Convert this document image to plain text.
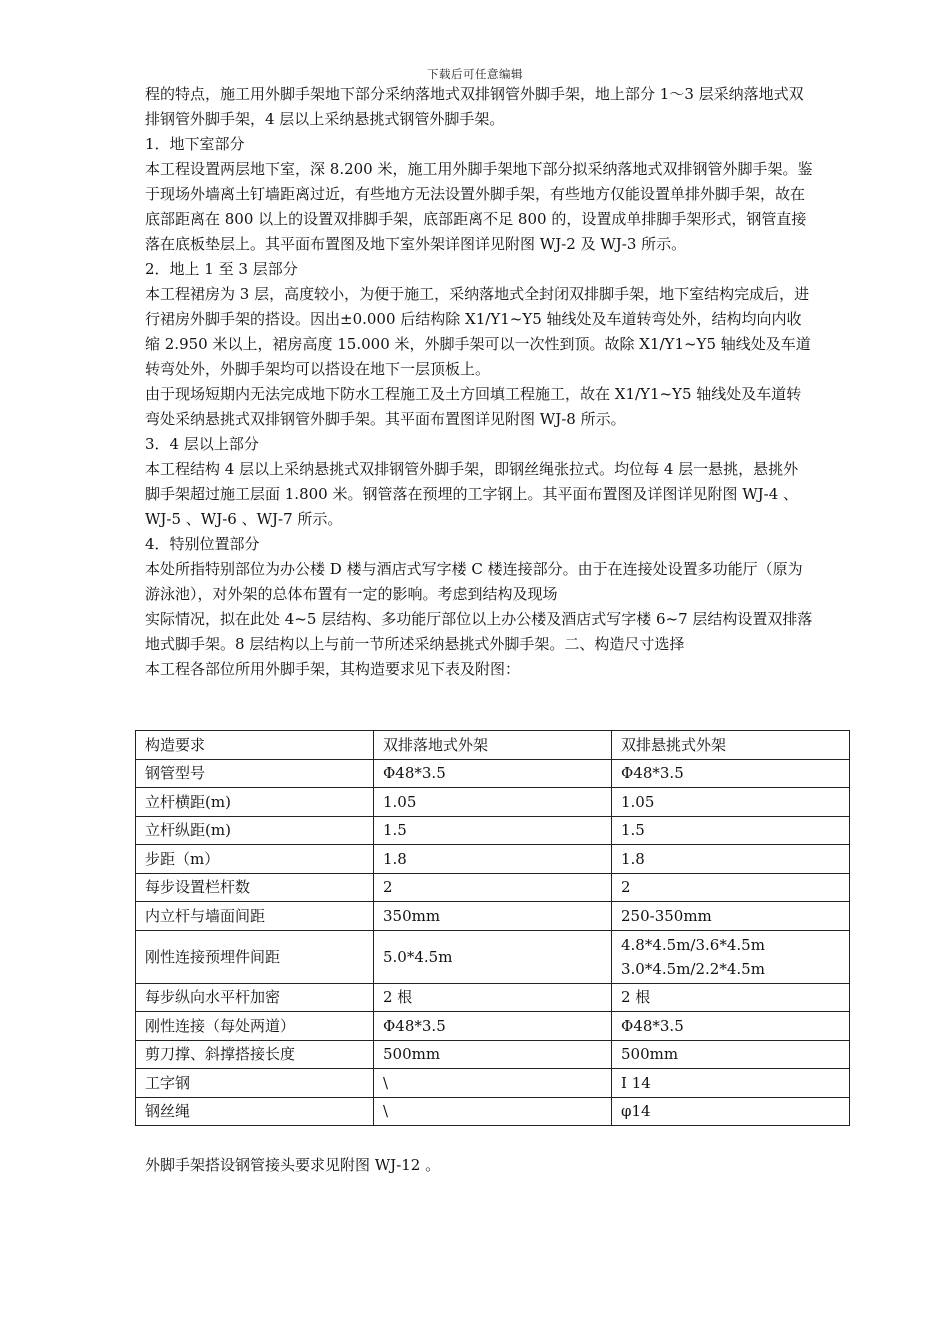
下载后可任意编辑

程的特点，施工用外脚手架地下部分采纳落地式双排钢管外脚手架，地上部分 1～3 层采纳落地式双排钢管外脚手架，4 层以上采纳悬挑式钢管外脚手架。

1．地下室部分

本工程设置两层地下室，深 8.200 米，施工用外脚手架地下部分拟采纳落地式双排钢管外脚手架。鉴于现场外墙离土钉墙距离过近，有些地方无法设置外脚手架，有些地方仅能设置单排外脚手架，故在底部距离在 800 以上的设置双排脚手架，底部距离不足 800 的，设置成单排脚手架形式，钢管直接落在底板垫层上。其平面布置图及地下室外架详图详见附图 WJ-2 及 WJ-3 所示。

2．地上 1 至 3 层部分

本工程裙房为 3 层，高度较小，为便于施工，采纳落地式全封闭双排脚手架，地下室结构完成后，进行裙房外脚手架的搭设。因出±0.000 后结构除 X1/Y1~Y5 轴线处及车道转弯处外，结构均向内收缩 2.950 米以上，裙房高度 15.000 米，外脚手架可以一次性到顶。故除 X1/Y1~Y5 轴线处及车道转弯处外，外脚手架均可以搭设在地下一层顶板上。

由于现场短期内无法完成地下防水工程施工及土方回填工程施工，故在 X1/Y1~Y5 轴线处及车道转弯处采纳悬挑式双排钢管外脚手架。其平面布置图详见附图 WJ-8 所示。

3．4 层以上部分

本工程结构 4 层以上采纳悬挑式双排钢管外脚手架，即钢丝绳张拉式。均位每 4 层一悬挑，悬挑外脚手架超过施工层面 1.800 米。钢管落在预埋的工字钢上。其平面布置图及详图详见附图 WJ-4 、WJ-5 、WJ-6 、WJ-7 所示。

4．特别位置部分

本处所指特别部位为办公楼 D 楼与酒店式写字楼 C 楼连接部分。由于在连接处设置多功能厅（原为游泳池），对外架的总体布置有一定的影响。考虑到结构及现场

实际情况，拟在此处 4~5 层结构、多功能厅部位以上办公楼及酒店式写字楼 6~7 层结构设置双排落地式脚手架。8 层结构以上与前一节所述采纳悬挑式外脚手架。二、构造尺寸选择

本工程各部位所用外脚手架，其构造要求见下表及附图：

构造要求	双排落地式外架	双排悬挑式外架
钢管型号	Φ48*3.5	Φ48*3.5

立杆横距(m)	1.05	1.05

立杆纵距(m)	1.5	1.5

步距（m）	1.8	1.8

每步设置栏杆数	2	2

内立杆与墙面间距	350mm	250-350mm

刚性连接预埋件间距	5.0*4.5m	4.8*4.5m/3.6*4.5m
3.0*4.5m/2.2*4.5m

每步纵向水平杆加密	2 根	2 根

刚性连接（每处两道）	Φ48*3.5	Φ48*3.5

剪刀撑、斜撑搭接长度	500mm	500mm

工字钢	\	I 14

钢丝绳	\	φ14
外脚手架搭设钢管接头要求见附图 WJ-12 。
